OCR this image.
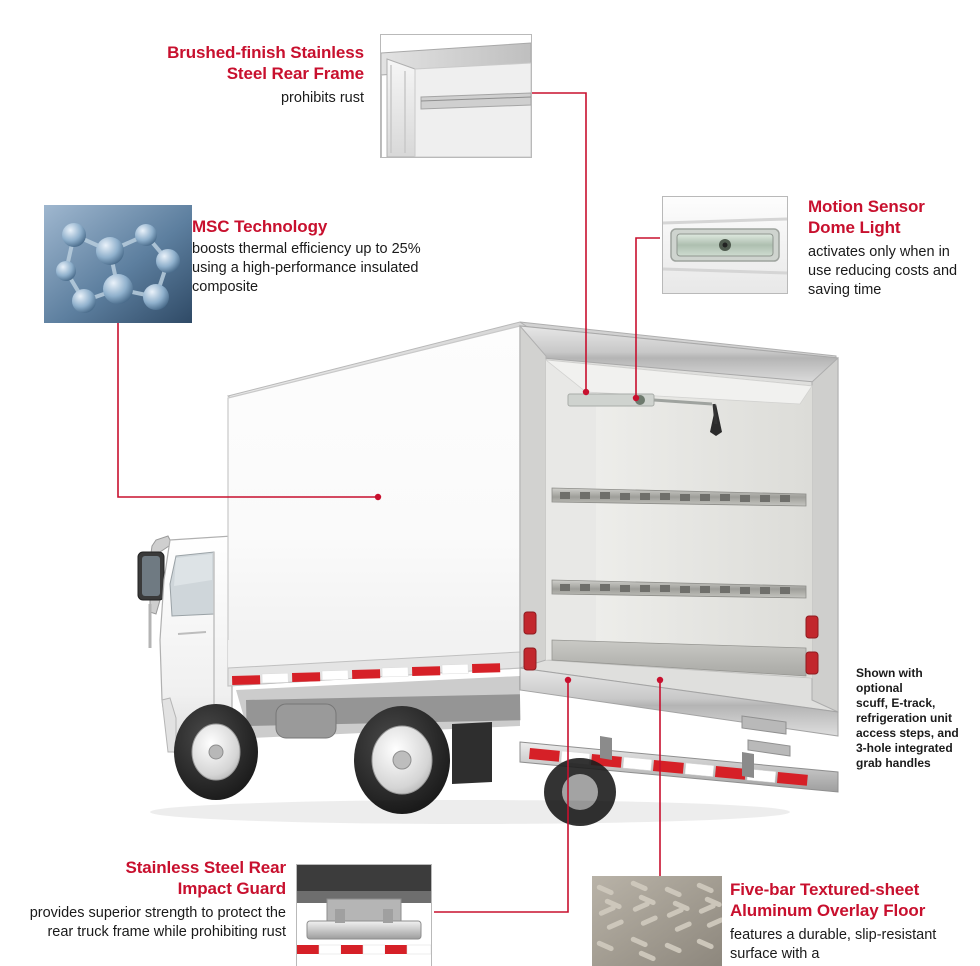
Brushed-finish Stainless
Steel Rear Frame
prohibits rust
MSC Technology
boosts thermal efficiency up to 25% using a high-performance insulated composite
Motion Sensor
Dome Light
activates only when in use reducing costs and saving time
Shown with
optional
scuff, E-track,
refrigeration unit
access steps, and
3-hole integrated
grab handles
Stainless Steel Rear
Impact Guard
provides superior strength to protect the rear truck frame while prohibiting rust
Five-bar Textured-sheet
Aluminum Overlay Floor
features a durable, slip-resistant surface with a
